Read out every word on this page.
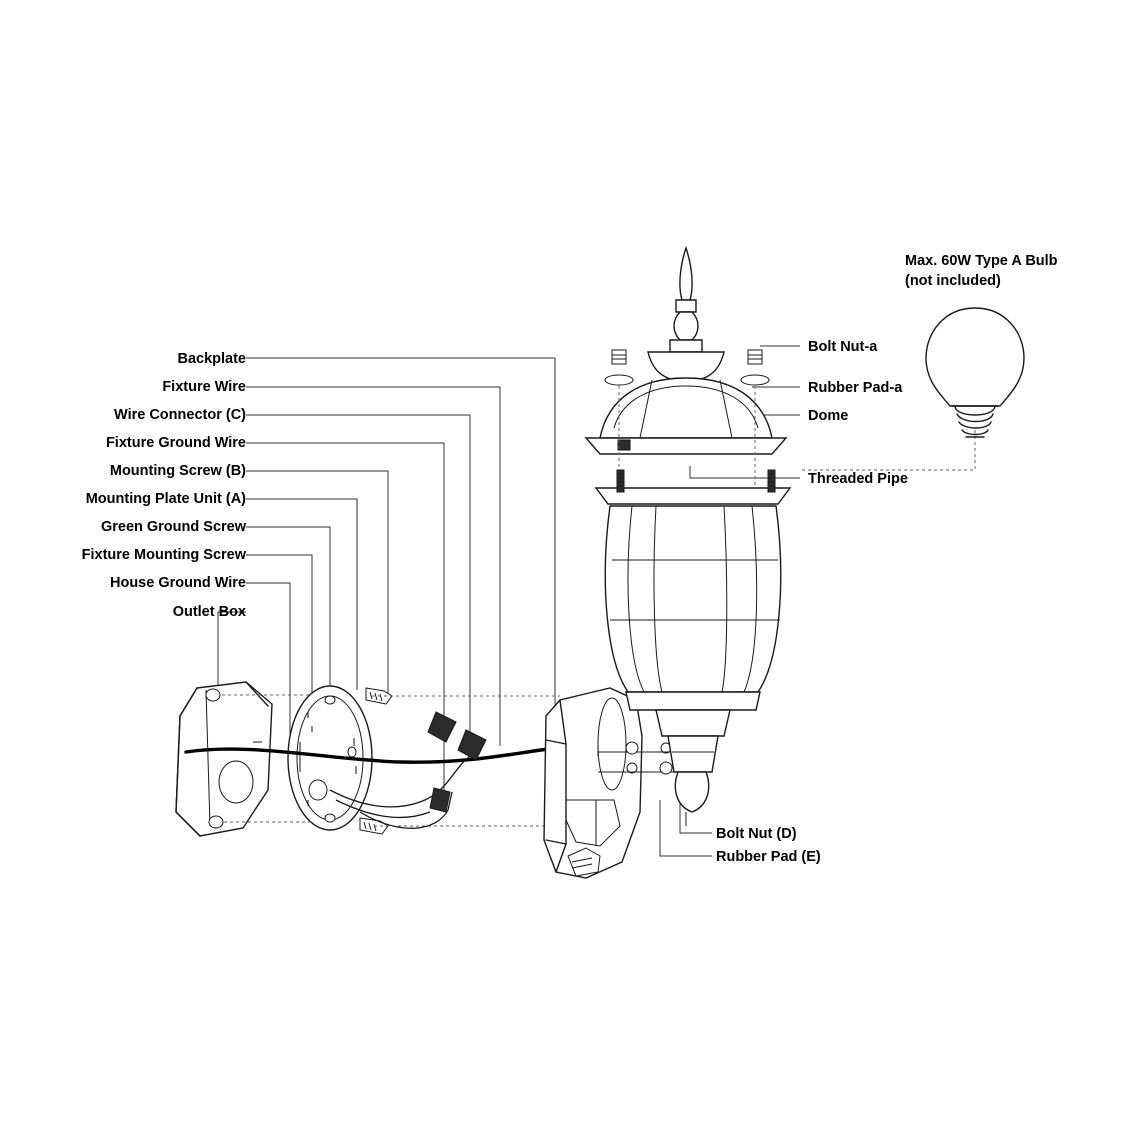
Backplate
Fixture Wire
Wire Connector (C)
Fixture Ground Wire
Mounting Screw (B)
Mounting Plate Unit (A)
Green Ground Screw
Fixture Mounting Screw
House Ground Wire
Outlet Box
Bolt Nut-a
Rubber Pad-a
Dome
Threaded Pipe
Bolt Nut (D)
Rubber Pad (E)
Max. 60W Type A Bulb
(not included)
